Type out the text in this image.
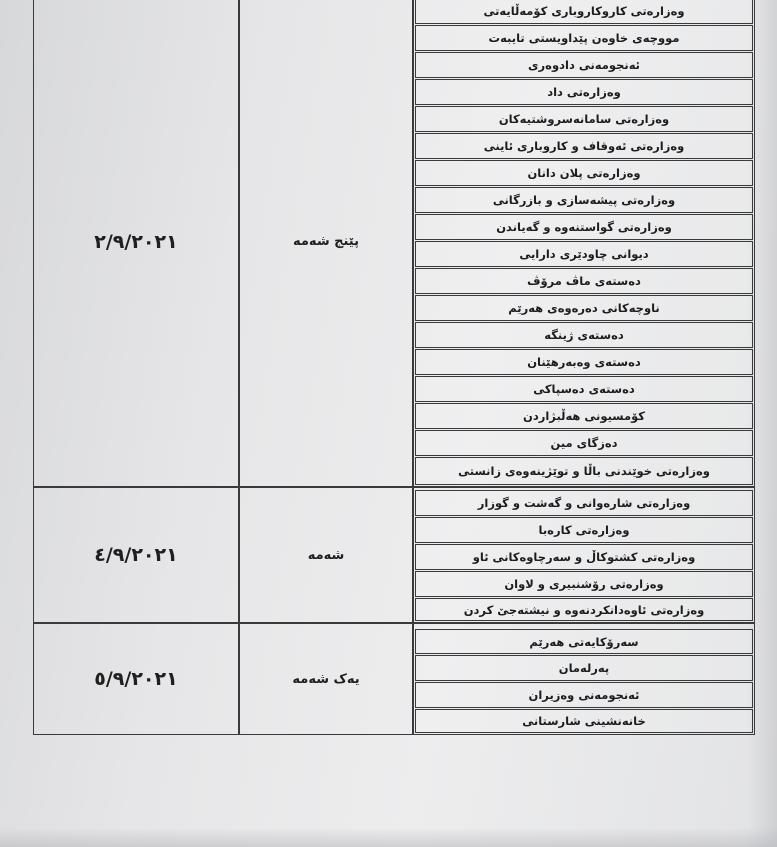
٢/٩/٢٠٢١	پێنج شەمە
وەزارەتی کاروکاروباری کۆمەڵایەتی
مووچەی خاوەن پێداویستی تایبەت
ئەنجومەنی دادوەری
وەزارەتی داد
وەزارەتی سامانەسروشتیەکان
وەزارەتی ئەوقاف و کاروباری ئاینی
وەزارەتی پلان دانان
وەزارەتی پیشەسازی و بازرگانی
وەزارەتی گواستنەوە و گەیاندن
دیوانی چاودێری دارایی
دەستەی ماڤ مرۆڤ
ناوچەکانی دەرەوەی هەرێم
دەستەی ژینگە
دەستەی وەبەرهێنان
دەستەی دەسپاکی
کۆمسیونی هەڵبژاردن
دەزگای مین
وەزارەتی خوێندنی باڵا و توێژینەوەی زانستی
٤/٩/٢٠٢١	شەمە
وەزارەتی شارەوانی و گەشت و گوزار
وەزارەتی کارەبا
وەزارەتی کشتوکاڵ و سەرچاوەکانی ئاو
وەزارەتی رۆشنبیری و لاوان
وەزارەتی ئاوەدانکردنەوە و نیشتەجێ کردن
٥/٩/٢٠٢١	یەک شەمە
سەرۆکایەتی هەرێم
پەرلەمان
ئەنجومەنی وەزیران
خانەنشینی شارستانی
